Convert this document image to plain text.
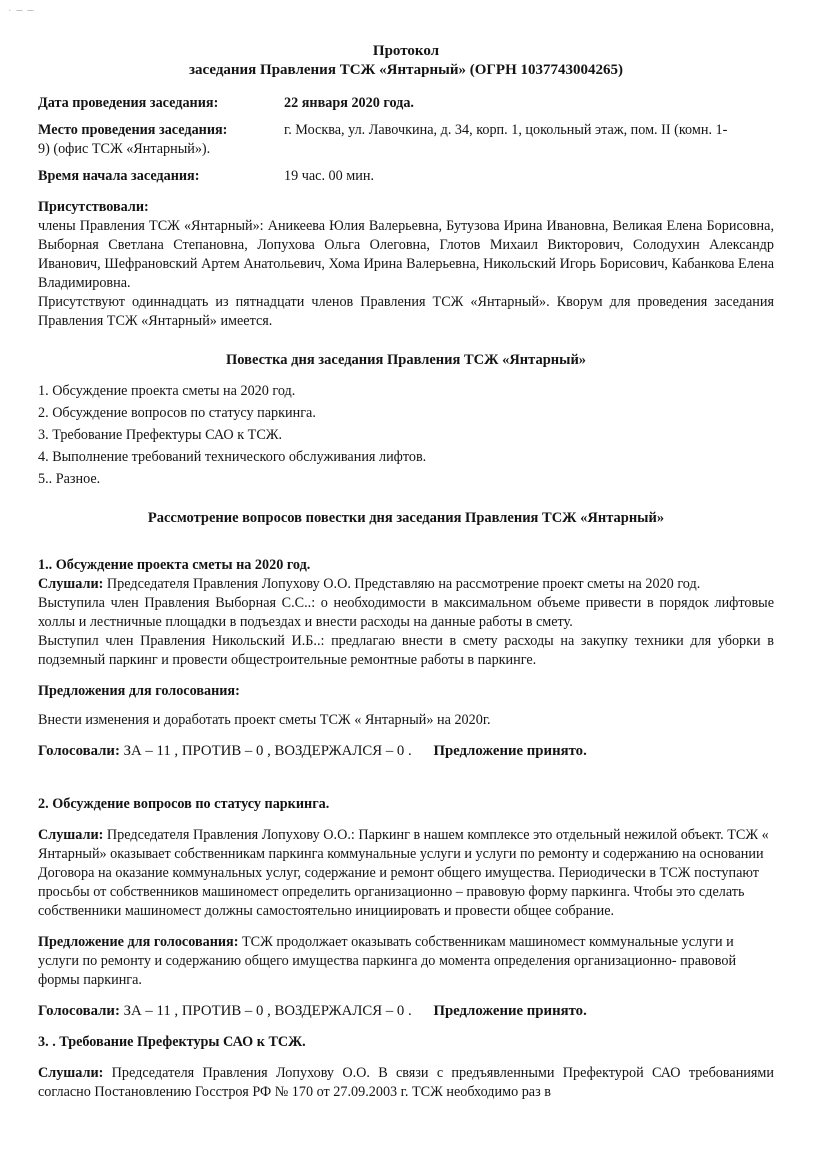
· ─ ─

Протокол

заседания Правления ТСЖ «Янтарный» (ОГРН 1037743004265)

Дата проведения заседания:	22 января 2020 года.
Место проведения заседания:	г. Москва, ул. Лавочкина, д. 34, корп. 1, цокольный этаж, пом. II (комн. 1-
9) (офис ТСЖ «Янтарный»).
Время начала заседания:	19 час. 00 мин.

Присутствовали:

члены Правления ТСЖ «Янтарный»: Аникеева Юлия Валерьевна, Бутузова Ирина Ивановна, Великая Елена Борисовна, Выборная Светлана Степановна, Лопухова Ольга Олеговна, Глотов Михаил Викторович, Солодухин Александр Иванович, Шефрановский Артем Анатольевич, Хома Ирина Валерьевна, Никольский Игорь Борисович, Кабанкова Елена Владимировна.

Присутствуют одиннадцать из пятнадцати членов Правления ТСЖ «Янтарный». Кворум для проведения заседания Правления ТСЖ «Янтарный» имеется.

Повестка дня заседания Правления ТСЖ «Янтарный»

1. Обсуждение проекта сметы на 2020 год.
2. Обсуждение вопросов по статусу паркинга.
3. Требование Префектуры САО к ТСЖ.
4. Выполнение требований технического обслуживания лифтов.
5.. Разное.

Рассмотрение вопросов повестки дня заседания Правления ТСЖ «Янтарный»

1.. Обсуждение проекта сметы на 2020 год.

Слушали: Председателя Правления Лопухову О.О. Представляю на рассмотрение проект сметы на 2020 год.

Выступила член Правления Выборная С.С..: о необходимости в максимальном объеме привести в порядок лифтовые холлы и лестничные площадки в подъездах и внести расходы на данные работы в смету.

Выступил член Правления Никольский И.Б..: предлагаю внести в смету расходы на закупку техники для уборки в подземный паркинг и провести общестроительные ремонтные работы в паркинге.

Предложения для голосования:

Внести изменения и доработать проект сметы ТСЖ « Янтарный» на 2020г.

Голосовали: ЗА – 11 , ПРОТИВ – 0 , ВОЗДЕРЖАЛСЯ – 0 . Предложение принято.

2. Обсуждение вопросов по статусу паркинга.

Слушали: Председателя Правления Лопухову О.О.: Паркинг в нашем комплексе это отдельный нежилой объект. ТСЖ « Янтарный» оказывает собственникам паркинга коммунальные услуги и услуги по ремонту и содержанию на основании Договора на оказание коммунальных услуг, содержание и ремонт общего имущества. Периодически в ТСЖ поступают просьбы от собственников машиномест определить организационно – правовую форму паркинга. Чтобы это сделать собственники машиномест должны самостоятельно инициировать и провести общее собрание.

Предложение для голосования: ТСЖ продолжает оказывать собственникам машиномест коммунальные услуги и услуги по ремонту и содержанию общего имущества паркинга до момента определения организационно- правовой формы паркинга.

Голосовали: ЗА – 11 , ПРОТИВ – 0 , ВОЗДЕРЖАЛСЯ – 0 . Предложение принято.

3. . Требование Префектуры САО к ТСЖ.

Слушали: Председателя Правления Лопухову О.О. В связи с предъявленными Префектурой САО требованиями согласно Постановлению Госстроя РФ № 170 от 27.09.2003 г. ТСЖ необходимо раз в
